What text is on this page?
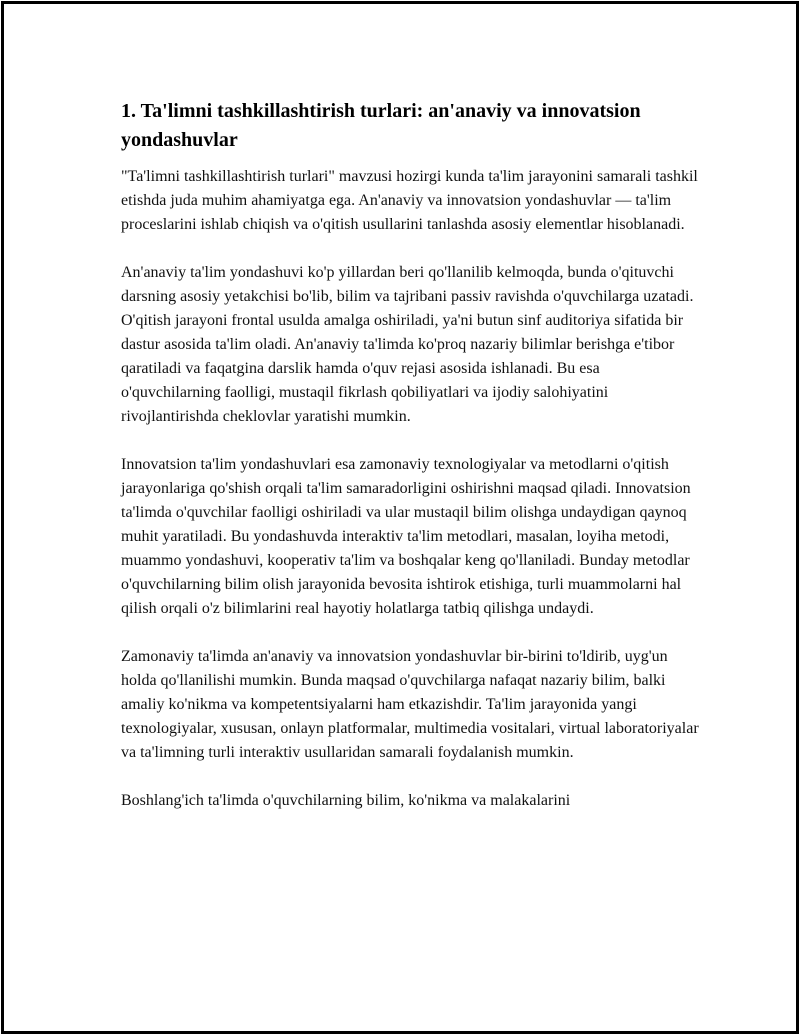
1. Ta'limni tashkillashtirish turlari: an'anaviy va innovatsion yondashuvlar

"Ta'limni tashkillashtirish turlari" mavzusi hozirgi kunda ta'lim jarayonini samarali tashkil etishda juda muhim ahamiyatga ega. An'anaviy va innovatsion yondashuvlar — ta'lim proceslarini ishlab chiqish va o'qitish usullarini tanlashda asosiy elementlar hisoblanadi.

An'anaviy ta'lim yondashuvi ko'p yillardan beri qo'llanilib kelmoqda, bunda o'qituvchi darsning asosiy yetakchisi bo'lib, bilim va tajribani passiv ravishda o'quvchilarga uzatadi. O'qitish jarayoni frontal usulda amalga oshiriladi, ya'ni butun sinf auditoriya sifatida bir dastur asosida ta'lim oladi. An'anaviy ta'limda ko'proq nazariy bilimlar berishga e'tibor qaratiladi va faqatgina darslik hamda o'quv rejasi asosida ishlanadi. Bu esa o'quvchilarning faolligi, mustaqil fikrlash qobiliyatlari va ijodiy salohiyatini rivojlantirishda cheklovlar yaratishi mumkin.

Innovatsion ta'lim yondashuvlari esa zamonaviy texnologiyalar va metodlarni o'qitish jarayonlariga qo'shish orqali ta'lim samaradorligini oshirishni maqsad qiladi. Innovatsion ta'limda o'quvchilar faolligi oshiriladi va ular mustaqil bilim olishga undaydigan qaynoq muhit yaratiladi. Bu yondashuvda interaktiv ta'lim metodlari, masalan, loyiha metodi, muammo yondashuvi, kooperativ ta'lim va boshqalar keng qo'llaniladi. Bunday metodlar o'quvchilarning bilim olish jarayonida bevosita ishtirok etishiga, turli muammolarni hal qilish orqali o'z bilimlarini real hayotiy holatlarga tatbiq qilishga undaydi.

Zamonaviy ta'limda an'anaviy va innovatsion yondashuvlar bir-birini to'ldirib, uyg'un holda qo'llanilishi mumkin. Bunda maqsad o'quvchilarga nafaqat nazariy bilim, balki amaliy ko'nikma va kompetentsiyalarni ham etkazishdir. Ta'lim jarayonida yangi texnologiyalar, xususan, onlayn platformalar, multimedia vositalari, virtual laboratoriyalar va ta'limning turli interaktiv usullaridan samarali foydalanish mumkin.

Boshlang'ich ta'limda o'quvchilarning bilim, ko'nikma va malakalarini
